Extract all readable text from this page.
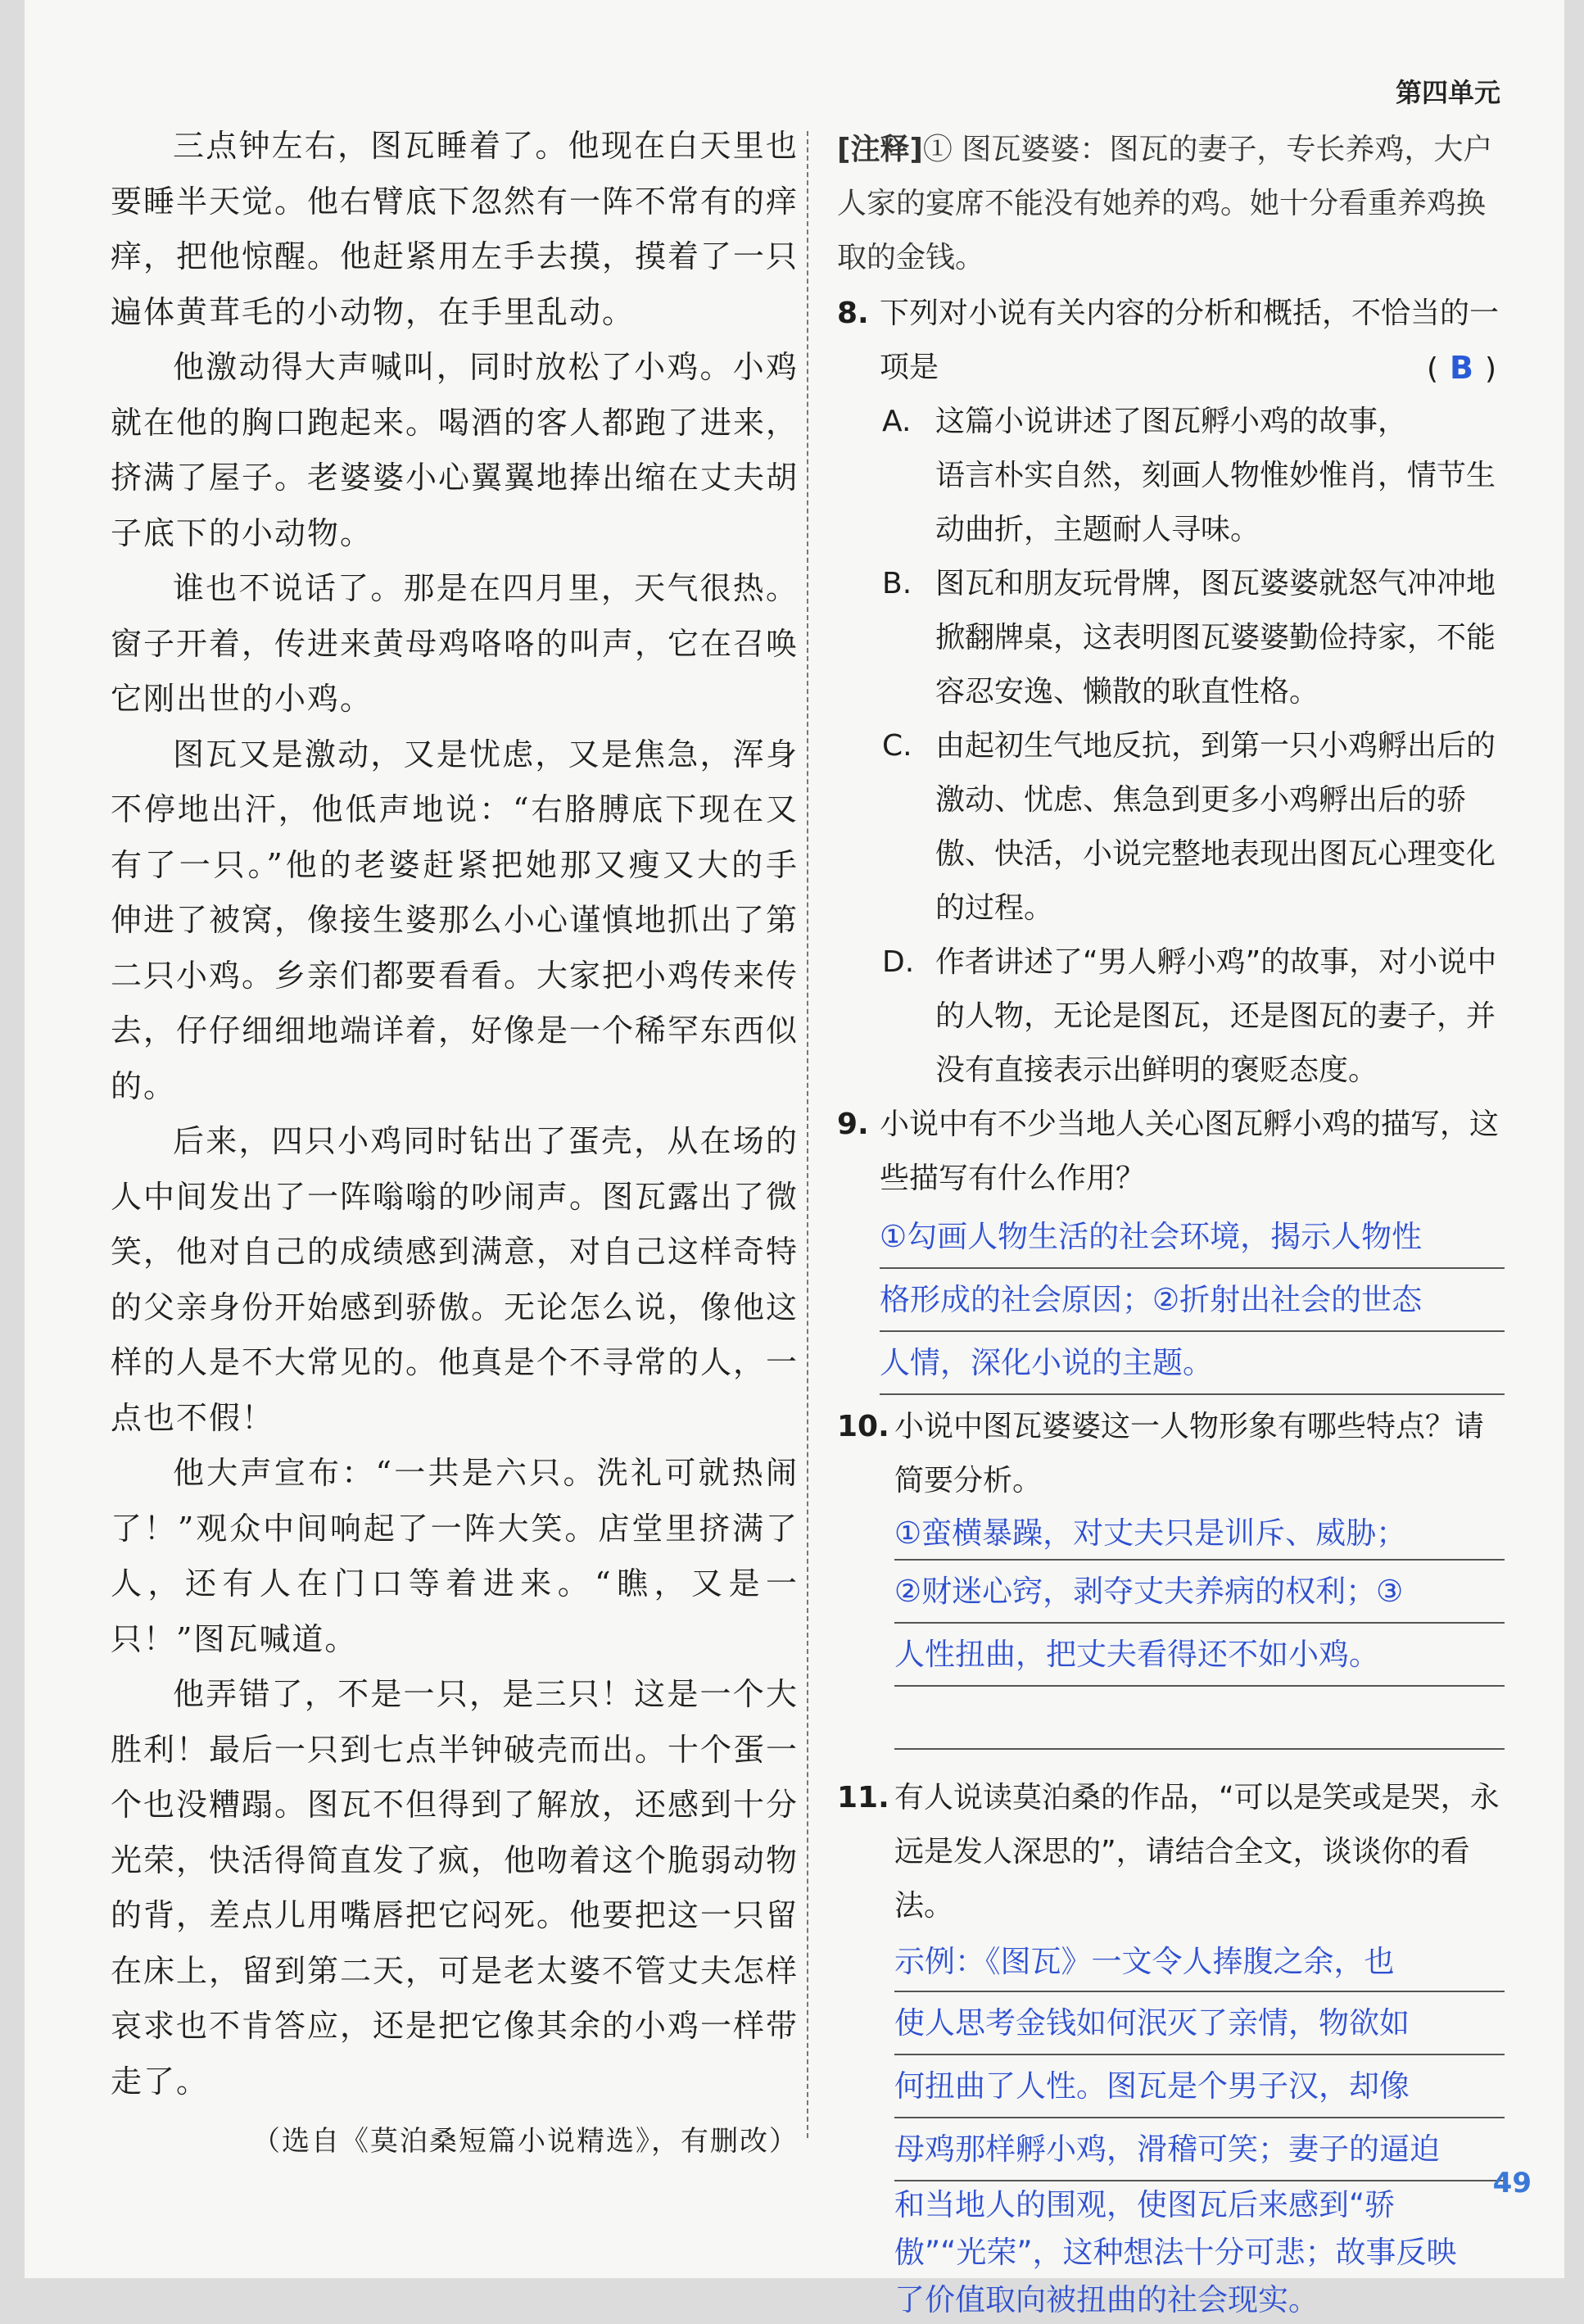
第四单元

三点钟左右，图瓦睡着了。他现在白天里也要睡半天觉。他右臂底下忽然有一阵不常有的痒痒，把他惊醒。他赶紧用左手去摸，摸着了一只遍体黄茸毛的小动物，在手里乱动。

他激动得大声喊叫，同时放松了小鸡。小鸡就在他的胸口跑起来。喝酒的客人都跑了进来，挤满了屋子。老婆婆小心翼翼地捧出缩在丈夫胡子底下的小动物。

谁也不说话了。那是在四月里，天气很热。窗子开着，传进来黄母鸡咯咯的叫声，它在召唤它刚出世的小鸡。

图瓦又是激动，又是忧虑，又是焦急，浑身不停地出汗，他低声地说：“右胳膊底下现在又有了一只。”他的老婆赶紧把她那又瘦又大的手伸进了被窝，像接生婆那么小心谨慎地抓出了第二只小鸡。乡亲们都要看看。大家把小鸡传来传去，仔仔细细地端详着，好像是一个稀罕东西似的。

后来，四只小鸡同时钻出了蛋壳，从在场的人中间发出了一阵嗡嗡的吵闹声。图瓦露出了微笑，他对自己的成绩感到满意，对自己这样奇特的父亲身份开始感到骄傲。无论怎么说，像他这样的人是不大常见的。他真是个不寻常的人，一点也不假！

他大声宣布：“一共是六只。洗礼可就热闹了！”观众中间响起了一阵大笑。店堂里挤满了人，还有人在门口等着进来。“瞧，又是一只！”图瓦喊道。

他弄错了，不是一只，是三只！这是一个大胜利！最后一只到七点半钟破壳而出。十个蛋一个也没糟蹋。图瓦不但得到了解放，还感到十分光荣，快活得简直发了疯，他吻着这个脆弱动物的背，差点儿用嘴唇把它闷死。他要把这一只留在床上，留到第二天，可是老太婆不管丈夫怎样哀求也不肯答应，还是把它像其余的小鸡一样带走了。

（选自《莫泊桑短篇小说精选》，有删改）

[注释]① 图瓦婆婆：图瓦的妻子，专长养鸡，大户人家的宴席不能没有她养的鸡。她十分看重养鸡换取的金钱。

8. 下列对小说有关内容的分析和概括，不恰当的一项是	( B )
A. 这篇小说讲述了图瓦孵小鸡的故事，语言朴实自然，刻画人物惟妙惟肖，情节生动曲折，主题耐人寻味。
B. 图瓦和朋友玩骨牌，图瓦婆婆就怒气冲冲地掀翻牌桌，这表明图瓦婆婆勤俭持家，不能容忍安逸、懒散的耿直性格。
C. 由起初生气地反抗，到第一只小鸡孵出后的激动、忧虑、焦急到更多小鸡孵出后的骄傲、快活，小说完整地表现出图瓦心理变化的过程。
D. 作者讲述了“男人孵小鸡”的故事，对小说中的人物，无论是图瓦，还是图瓦的妻子，并没有直接表示出鲜明的褒贬态度。
9. 小说中有不少当地人关心图瓦孵小鸡的描写，这些描写有什么作用？
①勾画人物生活的社会环境，揭示人物性
格形成的社会原因；②折射出社会的世态
人情，深化小说的主题。
10. 小说中图瓦婆婆这一人物形象有哪些特点？请简要分析。
①蛮横暴躁，对丈夫只是训斥、威胁；
②财迷心窍，剥夺丈夫养病的权利；③
人性扭曲，把丈夫看得还不如小鸡。
11. 有人说读莫泊桑的作品，“可以是笑或是哭，永远是发人深思的”，请结合全文，谈谈你的看法。
示例：《图瓦》一文令人捧腹之余，也
使人思考金钱如何泯灭了亲情，物欲如
何扭曲了人性。图瓦是个男子汉，却像
母鸡那样孵小鸡，滑稽可笑；妻子的逼迫
和当地人的围观，使图瓦后来感到“骄
傲”“光荣”，这种想法十分可悲；故事反映
了价值取向被扭曲的社会现实。
49
